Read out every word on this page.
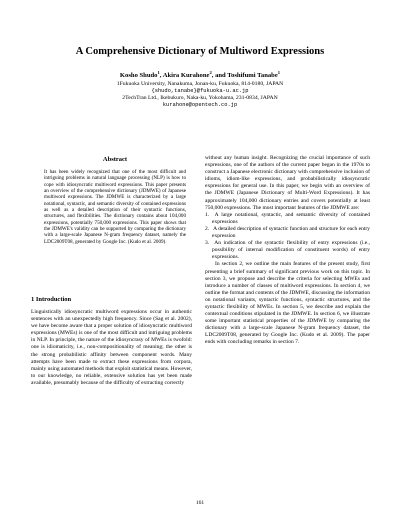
A Comprehensive Dictionary of Multiword Expressions
Kosho Shudo$^1$, Akira Kurahone$^2$, and Toshifumi Tanabe$^1$
1Fukuoka University, Nanakuma, Jonan-ku, Fukuoka, 814-0180, JAPAN
{shudo,tanabe}@fukuoka-u.ac.jp
2TechTran Ltd., Ikebukuro, Naka-ku, Yokohama, 231-0834, JAPAN
kurahone@opentech.co.jp
Abstract

It has been widely recognized that one of the most difficult and intriguing problems in natural language processing (NLP) is how to cope with idiosyncratic multiword expressions. This paper presents an overview of the comprehensive dictionary (JDMWE) of Japanese multiword expressions. The JDMWE is characterized by a large notational, syntactic, and semantic diversity of contained expressions as well as a detailed description of their syntactic functions, structures, and flexibilities. The dictionary contains about 104,000 expressions, potentially 750,000 expressions. This paper shows that the JDMWE's validity can be supported by comparing the dictionary with a large-scale Japanese N-gram frequency dataset, namely the LDC2009T08, generated by Google Inc. (Kudo et al. 2009).

1 Introduction

Linguistically idiosyncratic multiword expressions occur in authentic sentences with an unexpectedly high frequency. Since (Sag et al. 2002), we have become aware that a proper solution of idiosyncratic multiword expressions (MWEs) is one of the most difficult and intriguing problems in NLP. In principle, the nature of the idiosyncrasy of MWEs is twofold: one is idiomaticity, i.e., non-compositionality of meaning; the other is the strong probabilistic affinity between component words. Many attempts have been made to extract these expressions from corpora, mainly using automated methods that exploit statistical means. However, to our knowledge, no reliable, extensive solution has yet been made available, presumably because of the difficulty of extracting correctly

without any human insight. Recognizing the crucial importance of such expressions, one of the authors of the current paper began in the 1970s to construct a Japanese electronic dictionary with comprehensive inclusion of idioms, idiom-like expressions, and probabilistically idiosyncratic expressions for general use. In this paper, we begin with an overview of the JDMWE (Japanese Dictionary of Multi-Word Expressions). It has approximately 104,000 dictionary entries and covers potentially at least 750,000 expressions. The most important features of the JDMWE are:

1. A large notational, syntactic, and semantic diversity of contained expressions
2. A detailed description of syntactic function and structure for each entry expression
3. An indication of the syntactic flexibility of entry expressions (i.e., possibility of internal modification of constituent words) of entry expressions.

In section 2, we outline the main features of the present study, first presenting a brief summary of significant previous work on this topic. In section 3, we propose and describe the criteria for selecting MWEs and introduce a number of classes of multiword expressions. In section 4, we outline the format and contents of the JDMWE, discussing the information on notational variants, syntactic functions, syntactic structures, and the syntactic flexibility of MWEs. In section 5, we describe and explain the contextual conditions stipulated in the JDMWE. In section 6, we illustrate some important statistical properties of the JDMWE by comparing the dictionary with a large-scale Japanese N-gram frequency dataset, the LDC2009T08, generated by Google Inc. (Kudo et al. 2009). The paper ends with concluding remarks in section 7.

161
